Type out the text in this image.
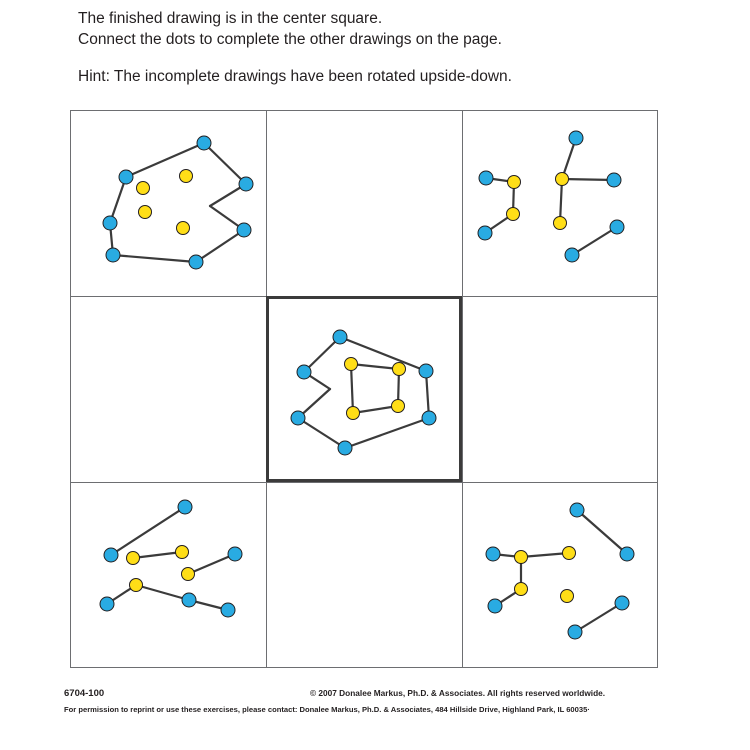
The finished drawing is in the center square.
Connect the dots to complete the other drawings on the page.
Hint: The incomplete drawings have been rotated upside-down.
6704-100	© 2007 Donalee Markus, Ph.D. & Associates. All rights reserved worldwide.
For permission to reprint or use these exercises, please contact: Donalee Markus, Ph.D. & Associates, 484 Hillside Drive, Highland Park, IL 60035·
